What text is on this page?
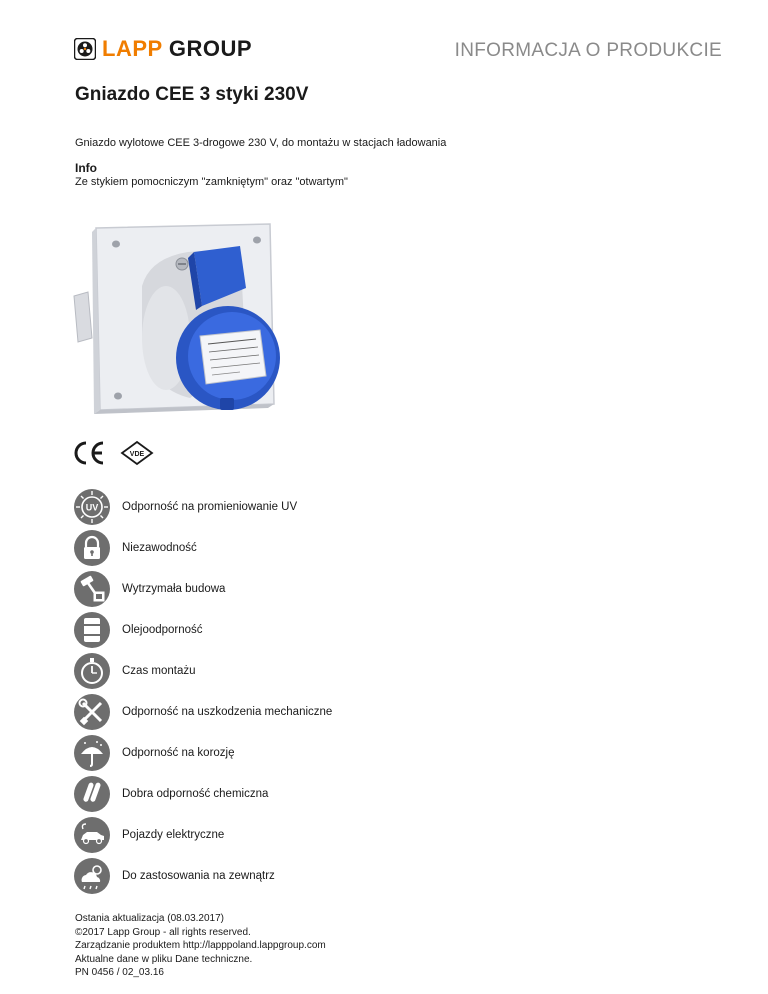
LAPP GROUP	INFORMACJA O PRODUKCIE
Gniazdo CEE 3 styki 230V
Gniazdo wylotowe CEE 3-drogowe 230 V, do montażu w stacjach ładowania
Info
Ze stykiem pomocniczym "zamkniętym" oraz "otwartym"
VDE
UV Odporność na promieniowanie UV
Niezawodność
Wytrzymała budowa
Olejoodporność
Czas montażu
Odporność na uszkodzenia mechaniczne
Odporność na korozję
Dobra odporność chemiczna
Pojazdy elektryczne
Do zastosowania na zewnątrz
Ostania aktualizacja (08.03.2017)
©2017 Lapp Group - all rights reserved.
Zarządzanie produktem http://lapppoland.lappgroup.com
Aktualne dane w pliku Dane techniczne.
PN 0456 / 02_03.16
